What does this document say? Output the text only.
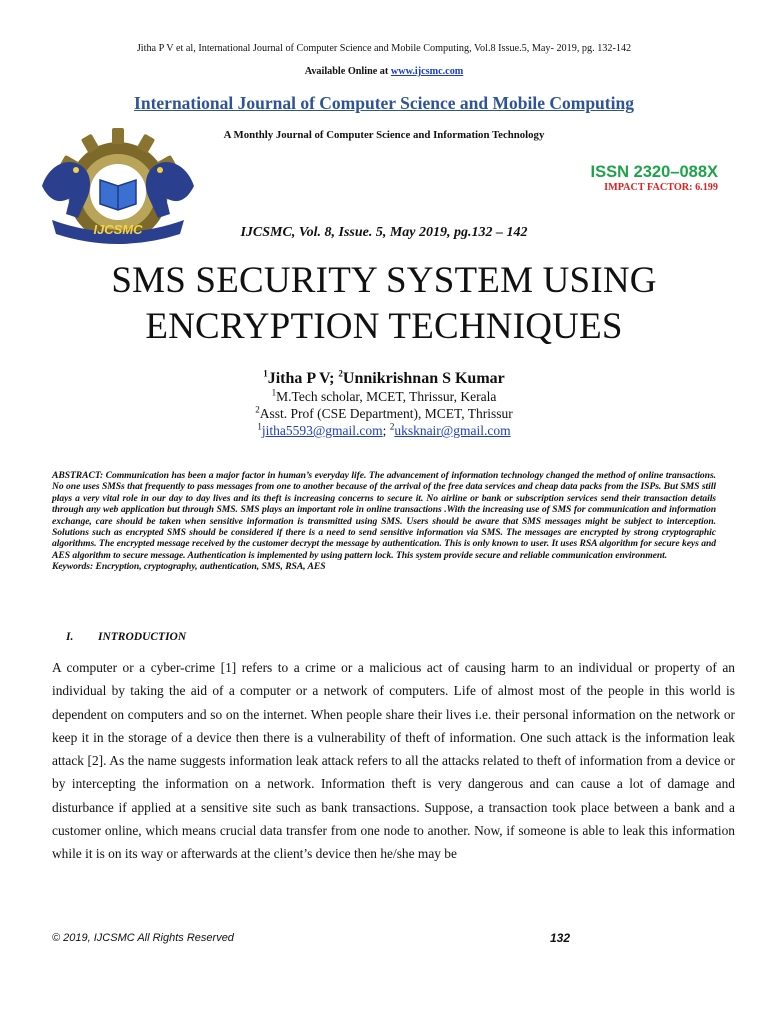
Jitha P V et al, International Journal of Computer Science and Mobile Computing, Vol.8 Issue.5, May- 2019, pg. 132-142
Available Online at www.ijcsmc.com
International Journal of Computer Science and Mobile Computing
A Monthly Journal of Computer Science and Information Technology
IJCSMC
ISSN 2320–088X
IMPACT FACTOR: 6.199
IJCSMC, Vol. 8, Issue. 5, May 2019, pg.132 – 142
SMS SECURITY SYSTEM USING
ENCRYPTION TECHNIQUES
$^1$Jitha P V; $^2$Unnikrishnan S Kumar
$^1$M.Tech scholar, MCET, Thrissur, Kerala
$^2$Asst. Prof (CSE Department), MCET, Thrissur
$^1$jitha5593@gmail.com; $^2$uksknair@gmail.com
ABSTRACT: Communication has been a major factor in human’s everyday life. The advancement of information technology changed the method of online transactions. No one uses SMSs that frequently to pass messages from one to another because of the arrival of the free data services and cheap data packs from the ISPs. But SMS still plays a very vital role in our day to day lives and its theft is increasing concerns to secure it. No airline or bank or subscription services send their transaction details through any web application but through SMS. SMS plays an important role in online transactions .With the increasing use of SMS for communication and information exchange, care should be taken when sensitive information is transmitted using SMS. Users should be aware that SMS messages might be subject to interception. Solutions such as encrypted SMS should be considered if there is a need to send sensitive information via SMS. The messages are encrypted by strong cryptographic algorithms. The encrypted message received by the customer decrypt the message by authentication. This is only known to user. It uses RSA algorithm for secure keys and AES algorithm to secure message. Authentication is implemented by using pattern lock. This system provide secure and reliable communication environment.
Keywords: Encryption, cryptography, authentication, SMS, RSA, AES
I. INTRODUCTION
A computer or a cyber-crime [1] refers to a crime or a malicious act of causing harm to an individual or property of an individual by taking the aid of a computer or a network of computers. Life of almost most of the people in this world is dependent on computers and so on the internet. When people share their lives i.e. their personal information on the network or keep it in the storage of a device then there is a vulnerability of theft of information. One such attack is the information leak attack [2]. As the name suggests information leak attack refers to all the attacks related to theft of information from a device or by intercepting the information on a network. Information theft is very dangerous and can cause a lot of damage and disturbance if applied at a sensitive site such as bank transactions. Suppose, a transaction took place between a bank and a customer online, which means crucial data transfer from one node to another. Now, if someone is able to leak this information while it is on its way or afterwards at the client’s device then he/she may be
© 2019, IJCSMC All Rights Reserved	132
